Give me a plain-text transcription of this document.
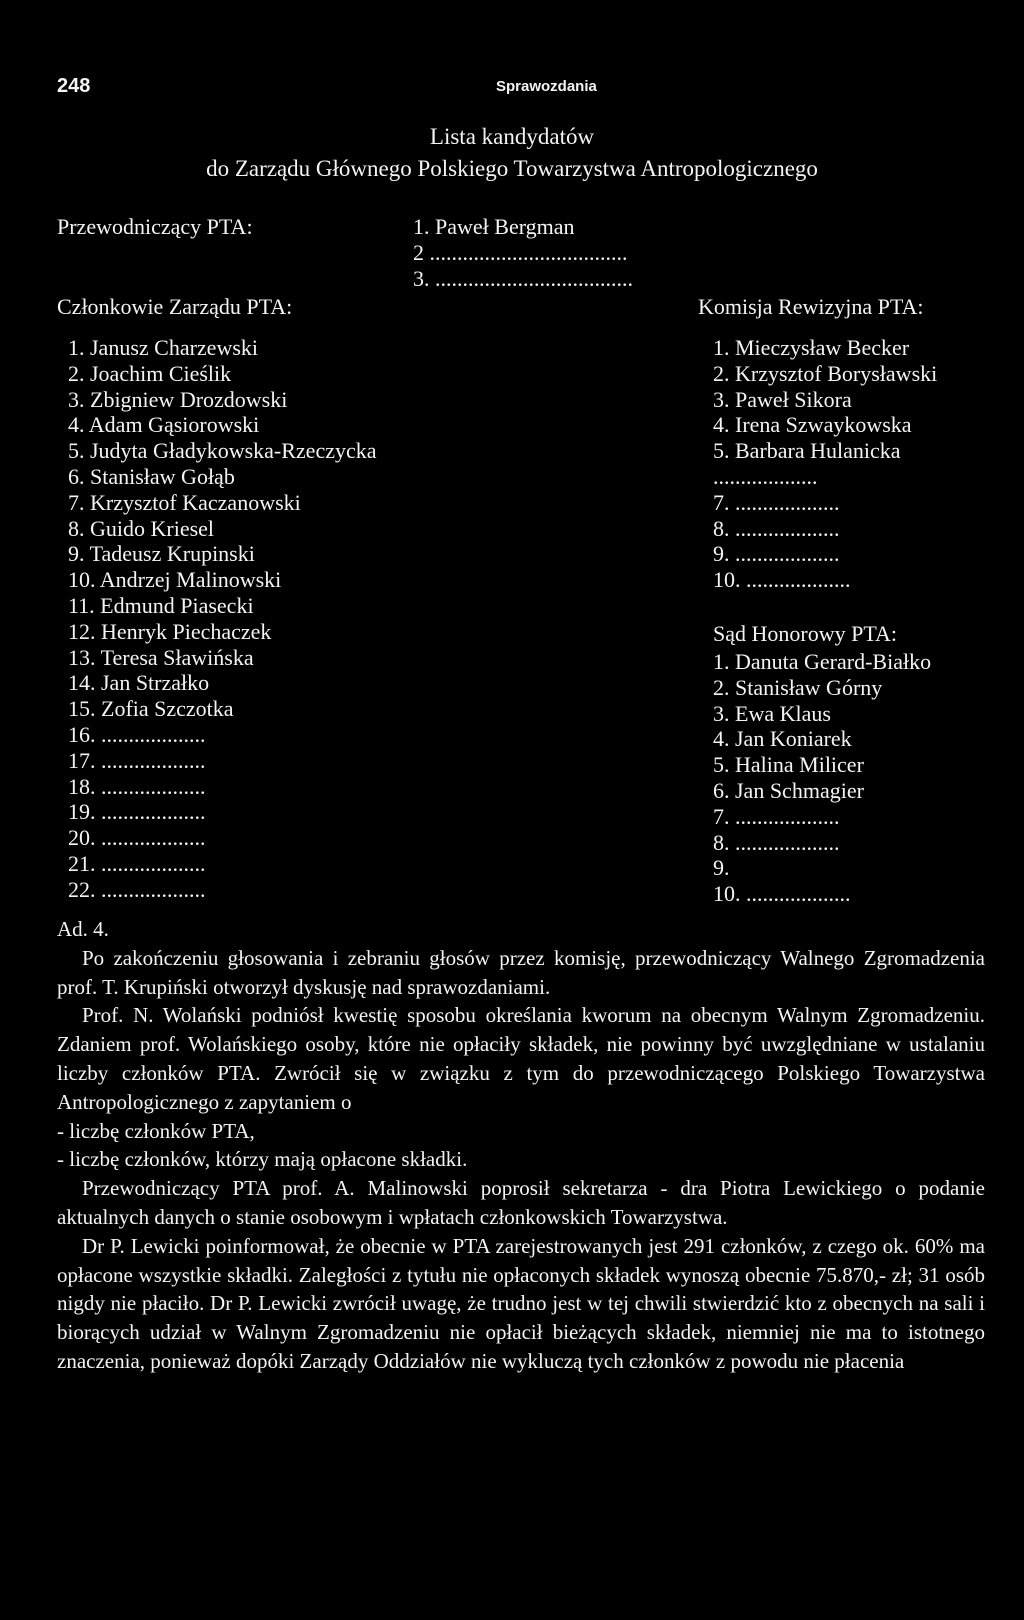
248	Sprawozdania
Lista kandydatów
do Zarządu Głównego Polskiego Towarzystwa Antropologicznego
Przewodniczący PTA:	1. Paweł Bergman
2 ....................................
3. ....................................
Członkowie Zarządu PTA:	Komisja Rewizyjna PTA:
1. Janusz Charzewski
2. Joachim Cieślik
3. Zbigniew Drozdowski
4. Adam Gąsiorowski
5. Judyta Gładykowska-Rzeczycka
6. Stanisław Gołąb
7. Krzysztof Kaczanowski
8. Guido Kriesel
9. Tadeusz Krupinski
10. Andrzej Malinowski
11. Edmund Piasecki
12. Henryk Piechaczek
13. Teresa Sławińska
14. Jan Strzałko
15. Zofia Szczotka
16. ...................
17. ...................
18. ...................
19. ...................
20. ...................
21. ...................
22. ...................
1. Mieczysław Becker
2. Krzysztof Borysławski
3. Paweł Sikora
4. Irena Szwaykowska
5. Barbara Hulanicka
...................
7. ...................
8. ...................
9. ...................
10. ...................
Sąd Honorowy PTA:
1. Danuta Gerard-Białko
2. Stanisław Górny
3. Ewa Klaus
4. Jan Koniarek
5. Halina Milicer
6. Jan Schmagier
7. ...................
8. ...................
9.
10. ...................

Ad. 4.

Po zakończeniu głosowania i zebraniu głosów przez komisję, przewodniczący Walnego Zgromadzenia prof. T. Krupiński otworzył dyskusję nad sprawozdaniami.

Prof. N. Wolański podniósł kwestię sposobu określania kworum na obecnym Walnym Zgromadzeniu. Zdaniem prof. Wolańskiego osoby, które nie opłaciły składek, nie powinny być uwzględniane w ustalaniu liczby członków PTA. Zwrócił się w związku z tym do przewodniczącego Polskiego Towarzystwa Antropologicznego z zapytaniem o

- liczbę członków PTA,

- liczbę członków, którzy mają opłacone składki.

Przewodniczący PTA prof. A. Malinowski poprosił sekretarza - dra Piotra Lewickiego o podanie aktualnych danych o stanie osobowym i wpłatach członkowskich Towarzystwa.

Dr P. Lewicki poinformował, że obecnie w PTA zarejestrowanych jest 291 członków, z czego ok. 60% ma opłacone wszystkie składki. Zaległości z tytułu nie opłaconych składek wynoszą obecnie 75.870,- zł; 31 osób nigdy nie płaciło. Dr P. Lewicki zwrócił uwagę, że trudno jest w tej chwili stwierdzić kto z obecnych na sali i biorących udział w Walnym Zgromadzeniu nie opłacił bieżących składek, niemniej nie ma to istotnego znaczenia, ponieważ dopóki Zarządy Oddziałów nie wykluczą tych członków z powodu nie płacenia
